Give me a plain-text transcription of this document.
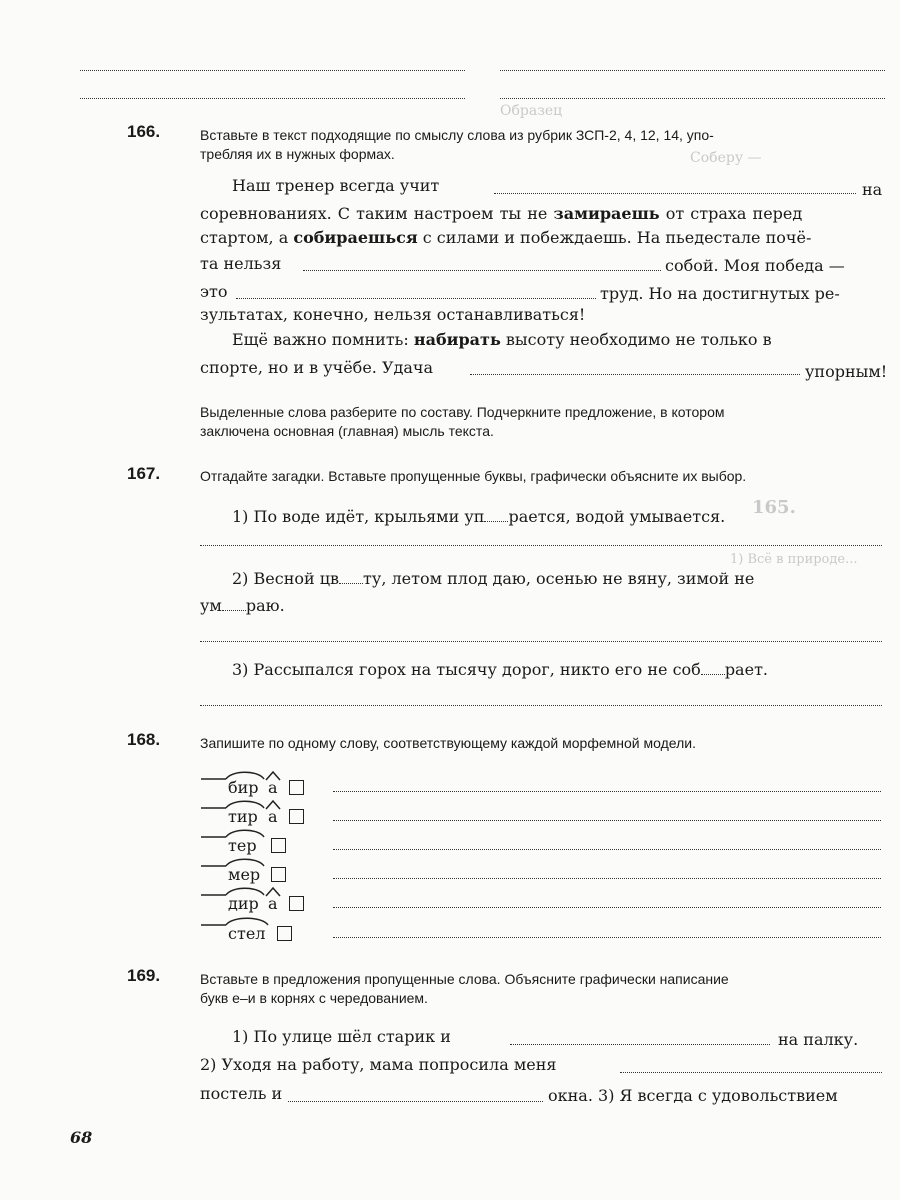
Образец
Соберу —
165.
1) Всё в природе...
166.	Вставьте в текст подходящие по смыслу слова из рубрик ЗСП-2, 4, 12, 14, упо-
требляя их в нужных формах.
Наш тренер всегда учит	на
соревнованиях. С таким настроем ты не замираешь от страха перед
стартом, а собираешься с силами и побеждаешь. На пьедестале почё-
та нельзя	собой. Моя победа —
это	труд. Но на достигнутых ре-
зультатах, конечно, нельзя останавливаться!
Ещё важно помнить: набирать высоту необходимо не только в
спорте, но и в учёбе. Удача	упорным!
Выделенные слова разберите по составу. Подчеркните предложение, в котором
заключена основная (главная) мысль текста.
167.	Отгадайте загадки. Вставьте пропущенные буквы, графически объясните их выбор.
1) По воде идёт, крыльями уп рается, водой умывается.
2) Весной цв ту, летом плод даю, осенью не вяну, зимой не
ум раю.
3) Рассыпался горох на тысячу дорог, никто его не соб рает.
168.	Запишите по одному слову, соответствующему каждой морфемной модели.
бир а
тир а
тер
мер
дир а
стел
169.	Вставьте в предложения пропущенные слова. Объясните графически написание
букв е–и в корнях с чередованием.
1) По улице шёл старик и	на палку.
2) Уходя на работу, мама попросила меня
постель и	окна. 3) Я всегда с удовольствием
68
